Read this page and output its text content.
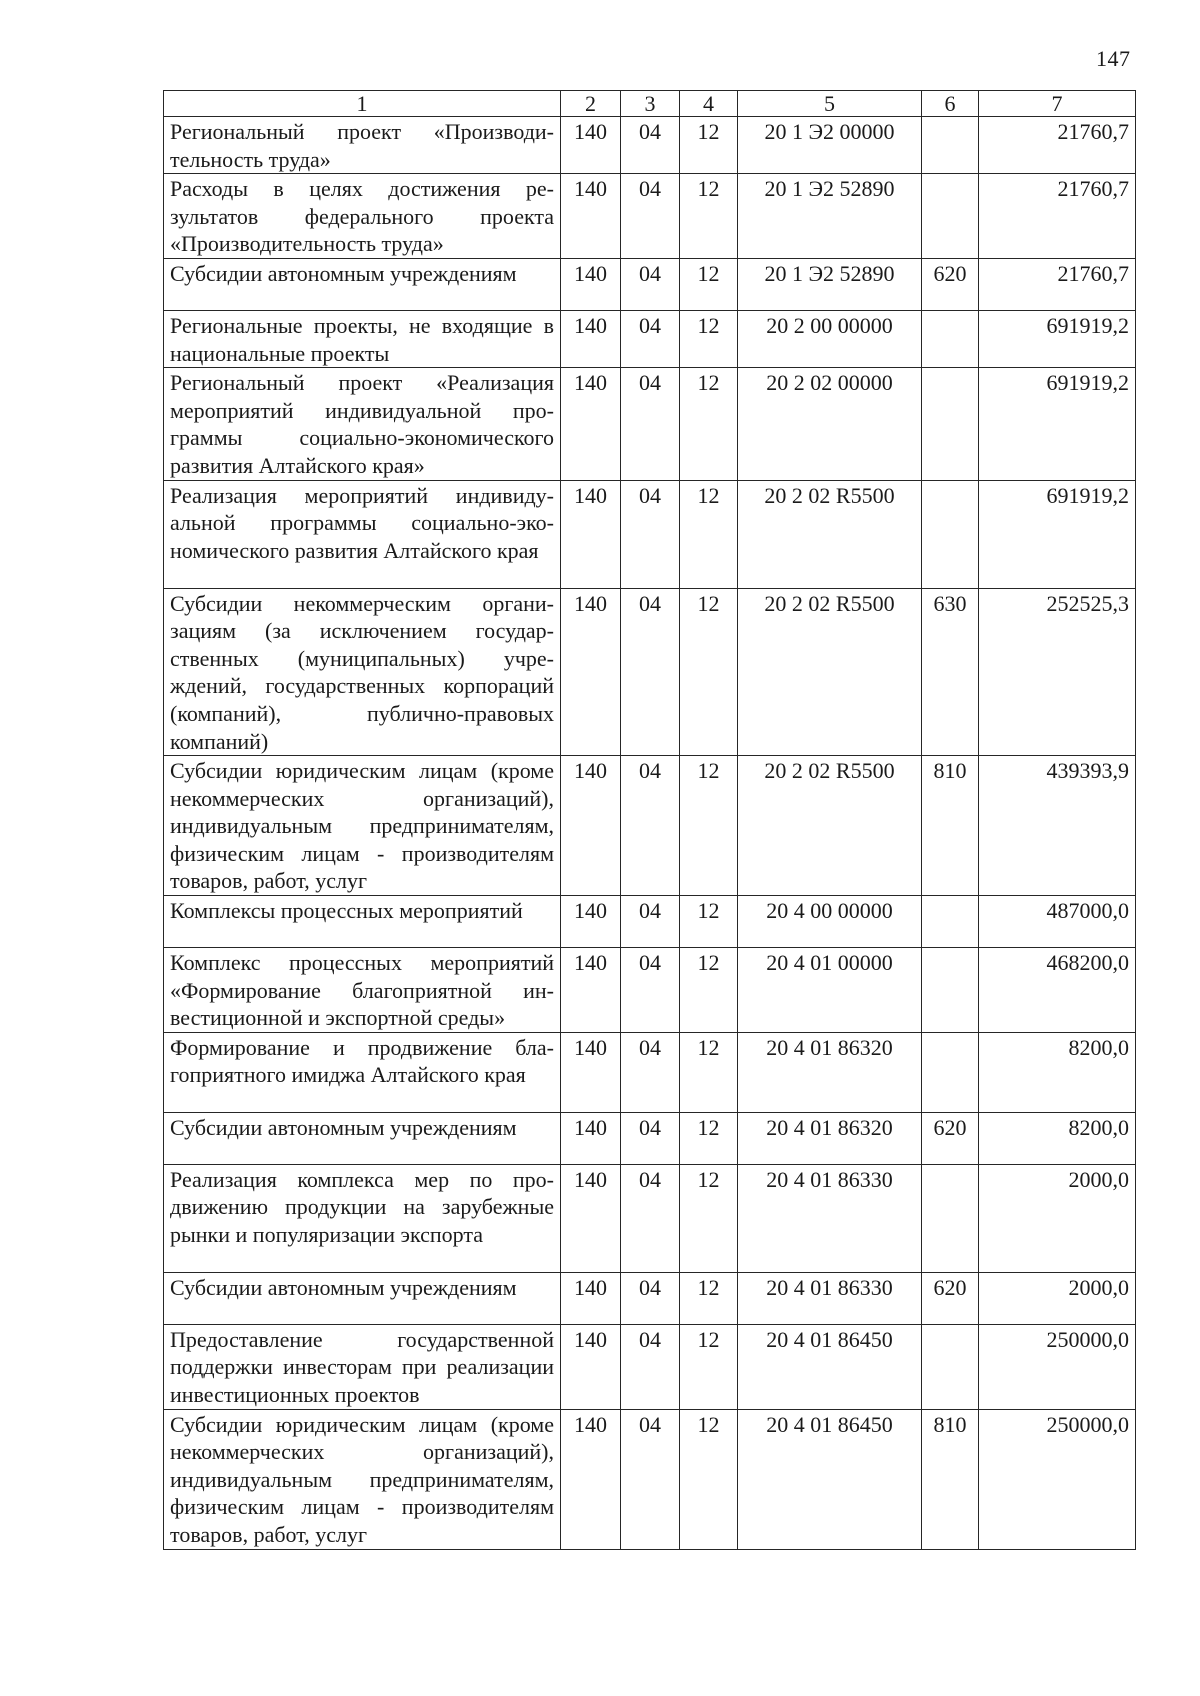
147
1	2	3	4	5	6	7
Региональный проект «Производительность труда»	140	04	12	20 1 Э2 00000		21760,7
Расходы в целях достижения результатов федерального проекта «Производительность труда»	140	04	12	20 1 Э2 52890		21760,7
Субсидии автономным учреждениям	140	04	12	20 1 Э2 52890	620	21760,7
Региональные проекты, не входящие в национальные проекты	140	04	12	20 2 00 00000		691919,2
Региональный проект «Реализация мероприятий индивидуальной программы социально-экономического развития Алтайского края»	140	04	12	20 2 02 00000		691919,2
Реализация мероприятий индивидуальной программы социально-экономического развития Алтайского края	140	04	12	20 2 02 R5500		691919,2
Субсидии некоммерческим организациям (за исключением государственных (муниципальных) учреждений, государственных корпораций (компаний), публично-правовых компаний)	140	04	12	20 2 02 R5500	630	252525,3
Субсидии юридическим лицам (кроме некоммерческих организаций), индивидуальным предпринимателям, физическим лицам - производителям товаров, работ, услуг	140	04	12	20 2 02 R5500	810	439393,9
Комплексы процессных мероприятий	140	04	12	20 4 00 00000		487000,0
Комплекс процессных мероприятий «Формирование благоприятной инвестиционной и экспортной среды»	140	04	12	20 4 01 00000		468200,0
Формирование и продвижение благоприятного имиджа Алтайского края	140	04	12	20 4 01 86320		8200,0
Субсидии автономным учреждениям	140	04	12	20 4 01 86320	620	8200,0
Реализация комплекса мер по продвижению продукции на зарубежные рынки и популяризации экспорта	140	04	12	20 4 01 86330		2000,0
Субсидии автономным учреждениям	140	04	12	20 4 01 86330	620	2000,0
Предоставление государственной поддержки инвесторам при реализации инвестиционных проектов	140	04	12	20 4 01 86450		250000,0
Субсидии юридическим лицам (кроме некоммерческих организаций), индивидуальным предпринимателям, физическим лицам - производителям товаров, работ, услуг	140	04	12	20 4 01 86450	810	250000,0
